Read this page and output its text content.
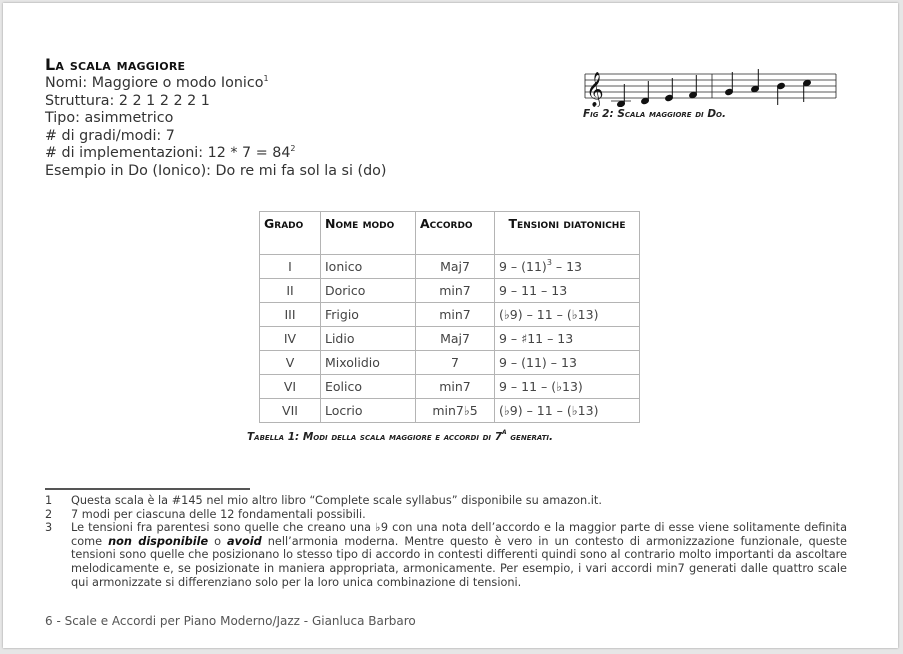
La scala maggiore
Nomi: Maggiore o modo Ionico$^1$
Struttura: 2 2 1 2 2 2 1
Tipo: asimmetrico
# di gradi/modi: 7
# di implementazioni: $12 * 7 = 84^2$
Esempio in Do (Ionico): Do re mi fa sol la si (do)
𝄞
Fig 2: Scala maggiore di Do.
Grado	Nome modo	Accordo	Tensioni diatoniche
I	Ionico	Maj7	$9 - (11)^3 - 13$
II	Dorico	min7	9 – 11 – 13
III	Frigio	min7	(♭9) – 11 – (♭13)
IV	Lidio	Maj7	9 – ♯11 – 13
V	Mixolidio	7	9 – (11) – 13
VI	Eolico	min7	9 – 11 – (♭13)
VII	Locrio	min7♭5	(♭9) – 11 – (♭13)
Tabella 1: Modi della scala maggiore e accordi di 7$^a$ generati.
1	Questa scala è la #145 nel mio altro libro “Complete scale syllabus” disponibile su amazon.it.
2	7 modi per ciascuna delle 12 fondamentali possibili.
3	Le tensioni fra parentesi sono quelle che creano una ♭9 con una nota dell’accordo e la maggior parte di esse viene solitamente definita come non disponibile o avoid nell’armonia moderna. Mentre questo è vero in un contesto di armonizzazione funzionale, queste tensioni sono quelle che posizionano lo stesso tipo di accordo in contesti differenti quindi sono al contrario molto importanti da ascoltare melodicamente e, se posizionate in maniera appropriata, armonicamente. Per esempio, i vari accordi min7 generati dalle quattro scale qui armonizzate si differenziano solo per la loro unica combinazione di tensioni.
6 - Scale e Accordi per Piano Moderno/Jazz - Gianluca Barbaro
